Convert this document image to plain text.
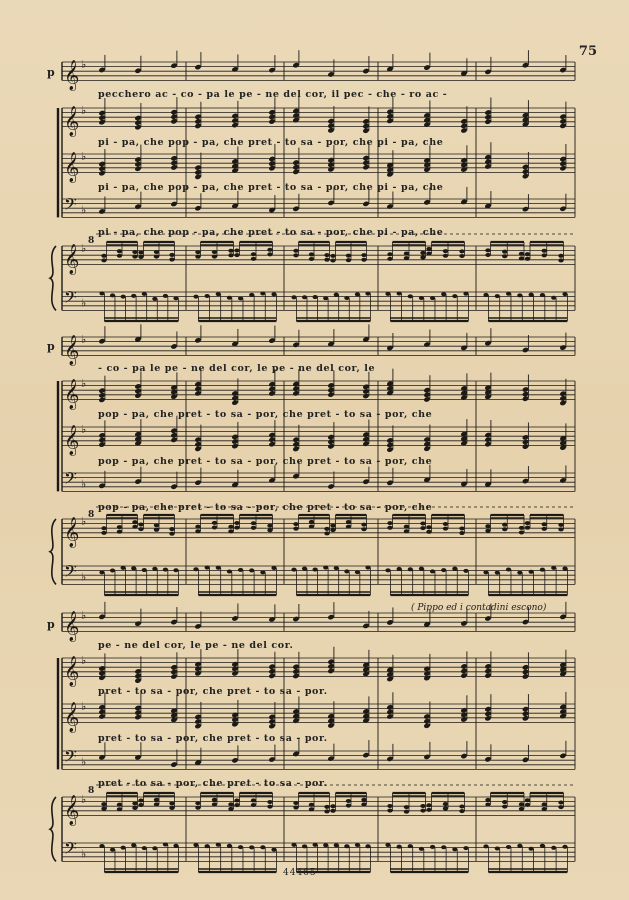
75
𝄞 ♭
𝄞 ♭
𝄞 ♭
𝄢 ♭
𝄞 ♭
𝄢 ♭
𝄞 ♭
𝄞 ♭
𝄞 ♭
𝄢 ♭
𝄞 ♭
𝄢 ♭
𝄞 ♭
𝄞 ♭
𝄞 ♭
𝄢 ♭
𝄞 ♭
𝄢 ♭
p
pecchero ac - co - pa le pe - ne del cor, il pec - che - ro ac -
pi - pa, che pop - pa, che pret - to sa - por, che pi - pa, che
pi - pa, che pop - pa, che pret - to sa - por, che pi - pa, che
pi - pa, che pop - pa, che pret - to sa - por, che pi - pa, che
8
p
- co - pa le pe - ne del cor, le pe - ne del cor, le
pop - pa, che pret - to sa - por, che pret - to sa - por, che
pop - pa, che pret - to sa - por, che pret - to sa - por, che
pop - pa, che pret - to sa - por, che pret - to sa - por, che
8
( Pippo ed i contadini escono)
p
pe - ne del cor, le pe - ne del cor.
pret - to sa - por, che pret - to sa - por.
pret - to sa - por, che pret - to sa - por.
pret - to sa - por, che pret - to sa - por.
8
44465
